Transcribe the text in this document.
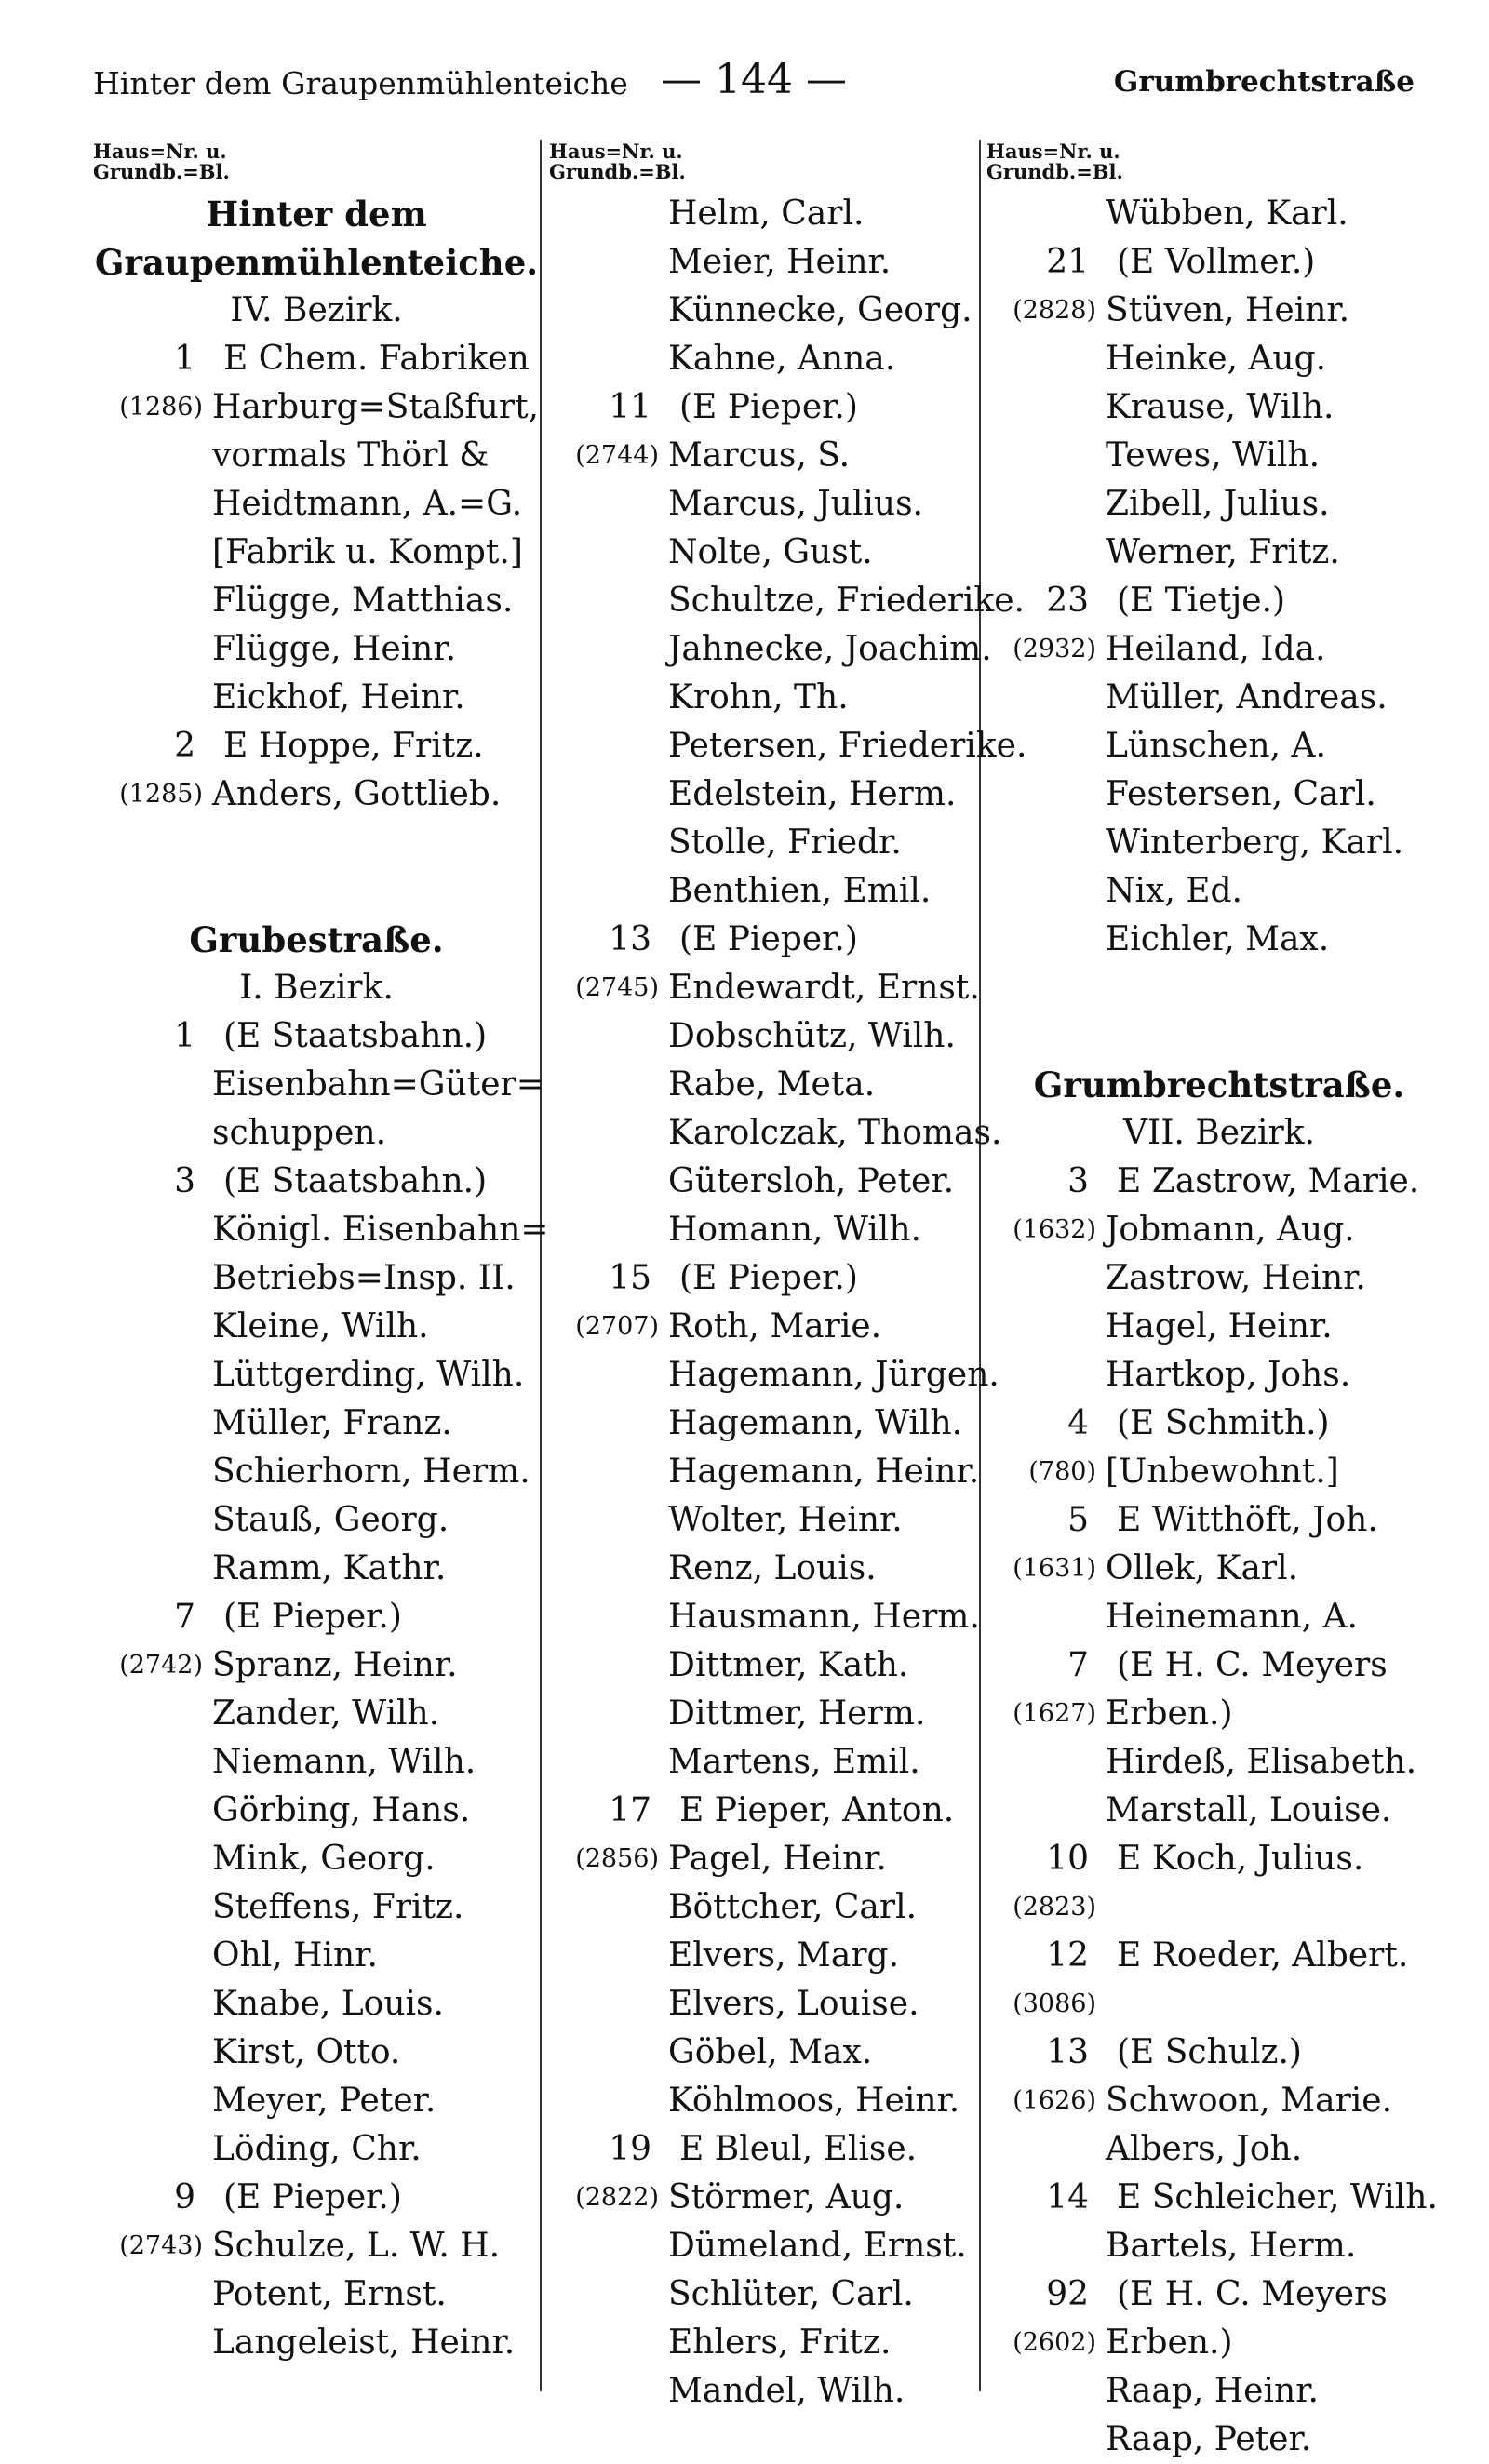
Hinter dem Graupenmühlenteiche — 144 —	Grumbrechtstraße
Haus=Nr. u.
Grundb.=Bl.
Hinter dem
Graupenmühlenteiche.
IV. Bezirk.
1 E Chem. Fabriken
(1286) Harburg=Staßfurt,
vormals Thörl &
Heidtmann, A.=G.
[Fabrik u. Kompt.]
Flügge, Matthias.
Flügge, Heinr.
Eickhof, Heinr.
2 E Hoppe, Fritz.
(1285) Anders, Gottlieb.
Grubestraße.
I. Bezirk.
1 (E Staatsbahn.)
Eisenbahn=Güter=
schuppen.
3 (E Staatsbahn.)
Königl. Eisenbahn=
Betriebs=Insp. II.
Kleine, Wilh.
Lüttgerding, Wilh.
Müller, Franz.
Schierhorn, Herm.
Stauß, Georg.
Ramm, Kathr.
7 (E Pieper.)
(2742) Spranz, Heinr.
Zander, Wilh.
Niemann, Wilh.
Görbing, Hans.
Mink, Georg.
Steffens, Fritz.
Ohl, Hinr.
Knabe, Louis.
Kirst, Otto.
Meyer, Peter.
Löding, Chr.
9 (E Pieper.)
(2743) Schulze, L. W. H.
Potent, Ernst.
Langeleist, Heinr.
Haus=Nr. u.
Grundb.=Bl.
Helm, Carl.
Meier, Heinr.
Künnecke, Georg.
Kahne, Anna.
11 (E Pieper.)
(2744) Marcus, S.
Marcus, Julius.
Nolte, Gust.
Schultze, Friederike.
Jahnecke, Joachim.
Krohn, Th.
Petersen, Friederike.
Edelstein, Herm.
Stolle, Friedr.
Benthien, Emil.
13 (E Pieper.)
(2745) Endewardt, Ernst.
Dobschütz, Wilh.
Rabe, Meta.
Karolczak, Thomas.
Gütersloh, Peter.
Homann, Wilh.
15 (E Pieper.)
(2707) Roth, Marie.
Hagemann, Jürgen.
Hagemann, Wilh.
Hagemann, Heinr.
Wolter, Heinr.
Renz, Louis.
Hausmann, Herm.
Dittmer, Kath.
Dittmer, Herm.
Martens, Emil.
17 E Pieper, Anton.
(2856) Pagel, Heinr.
Böttcher, Carl.
Elvers, Marg.
Elvers, Louise.
Göbel, Max.
Köhlmoos, Heinr.
19 E Bleul, Elise.
(2822) Störmer, Aug.
Dümeland, Ernst.
Schlüter, Carl.
Ehlers, Fritz.
Mandel, Wilh.
Haus=Nr. u.
Grundb.=Bl.
Wübben, Karl.
21 (E Vollmer.)
(2828) Stüven, Heinr.
Heinke, Aug.
Krause, Wilh.
Tewes, Wilh.
Zibell, Julius.
Werner, Fritz.
23 (E Tietje.)
(2932) Heiland, Ida.
Müller, Andreas.
Lünschen, A.
Festersen, Carl.
Winterberg, Karl.
Nix, Ed.
Eichler, Max.
Grumbrechtstraße.
VII. Bezirk.
3 E Zastrow, Marie.
(1632) Jobmann, Aug.
Zastrow, Heinr.
Hagel, Heinr.
Hartkop, Johs.
4 (E Schmith.)
(780) [Unbewohnt.]
5 E Witthöft, Joh.
(1631) Ollek, Karl.
Heinemann, A.
7 (E H. C. Meyers
(1627) Erben.)
Hirdeß, Elisabeth.
Marstall, Louise.
10 E Koch, Julius.
(2823)
12 E Roeder, Albert.
(3086)
13 (E Schulz.)
(1626) Schwoon, Marie.
Albers, Joh.
14 E Schleicher, Wilh.
Bartels, Herm.
92 (E H. C. Meyers
(2602) Erben.)
Raap, Heinr.
Raap, Peter.
